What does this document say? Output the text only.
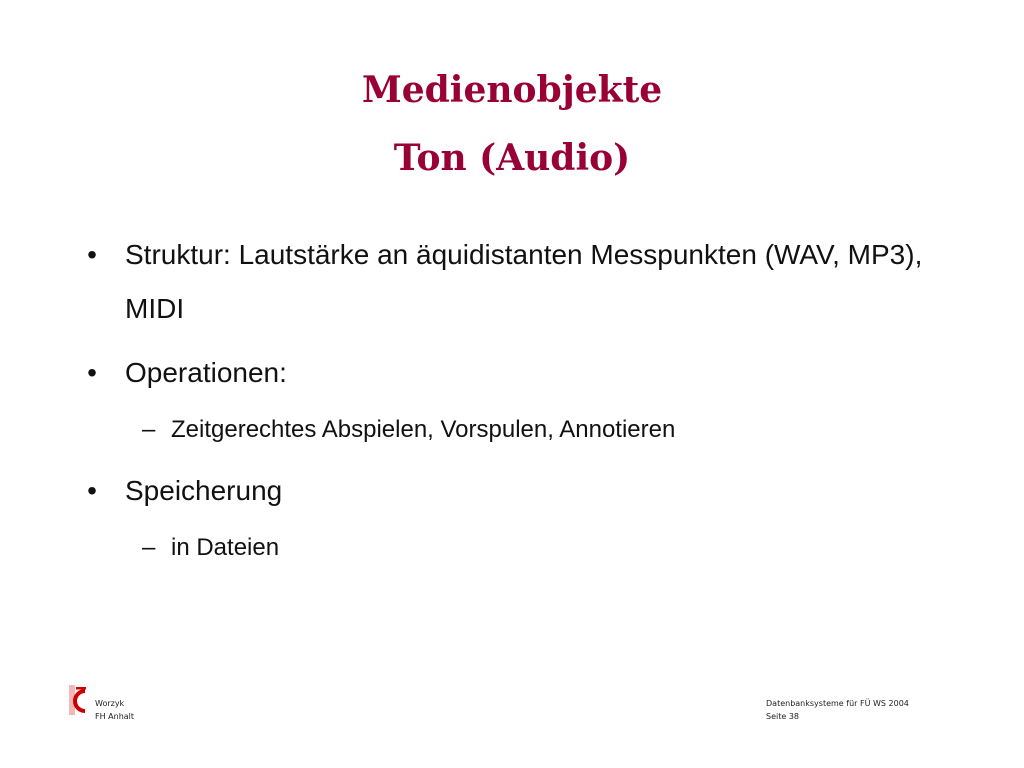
Medienobjekte
Ton (Audio)
• Struktur: Lautstärke an äquidistanten Messpunkten (WAV, MP3), MIDI
• Operationen:
– Zeitgerechtes Abspielen, Vorspulen, Annotieren
• Speicherung
– in Dateien
Worzyk
FH Anhalt
Datenbanksysteme für FÜ WS 2004
Seite 38
